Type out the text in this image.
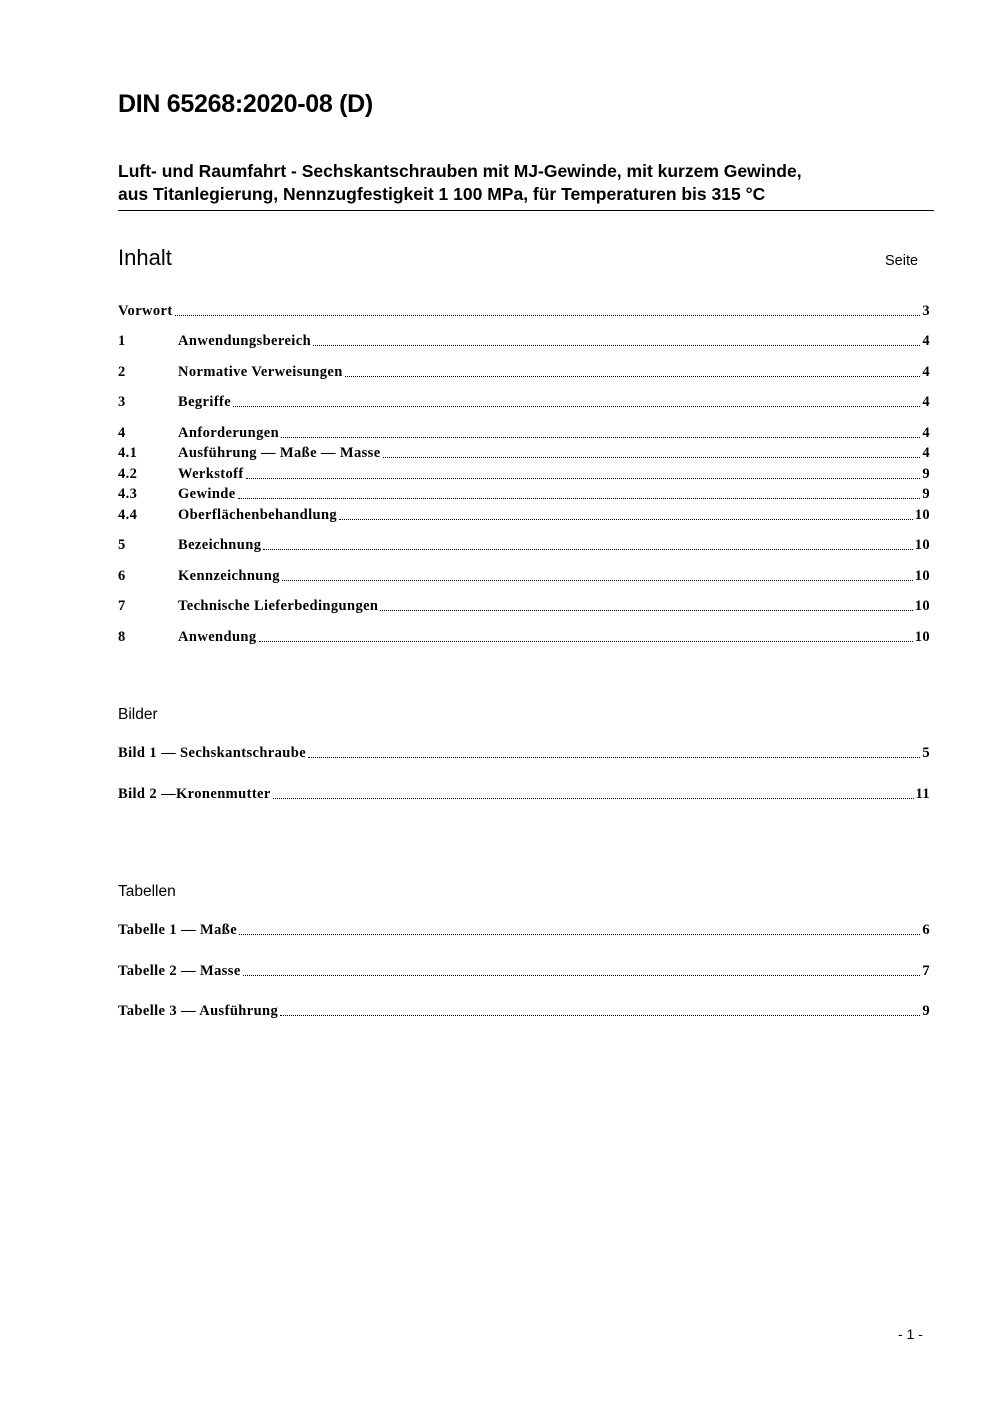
DIN 65268:2020-08 (D)
Luft- und Raumfahrt - Sechskantschrauben mit MJ-Gewinde, mit kurzem Gewinde,
aus Titanlegierung, Nennzugfestigkeit 1 100 MPa, für Temperaturen bis 315 °C
Inhalt	Seite
Vorwort	3
1	Anwendungsbereich	4
2	Normative Verweisungen	4
3	Begriffe	4
4	Anforderungen	4
4.1	Ausführung — Maße — Masse	4
4.2	Werkstoff	9
4.3	Gewinde	9
4.4	Oberflächenbehandlung	10
5	Bezeichnung	10
6	Kennzeichnung	10
7	Technische Lieferbedingungen	10
8	Anwendung	10
Bilder
Bild 1 — Sechskantschraube	5
Bild 2 —Kronenmutter	11
Tabellen
Tabelle 1 — Maße	6
Tabelle 2 — Masse	7
Tabelle 3 — Ausführung	9
- 1 -
